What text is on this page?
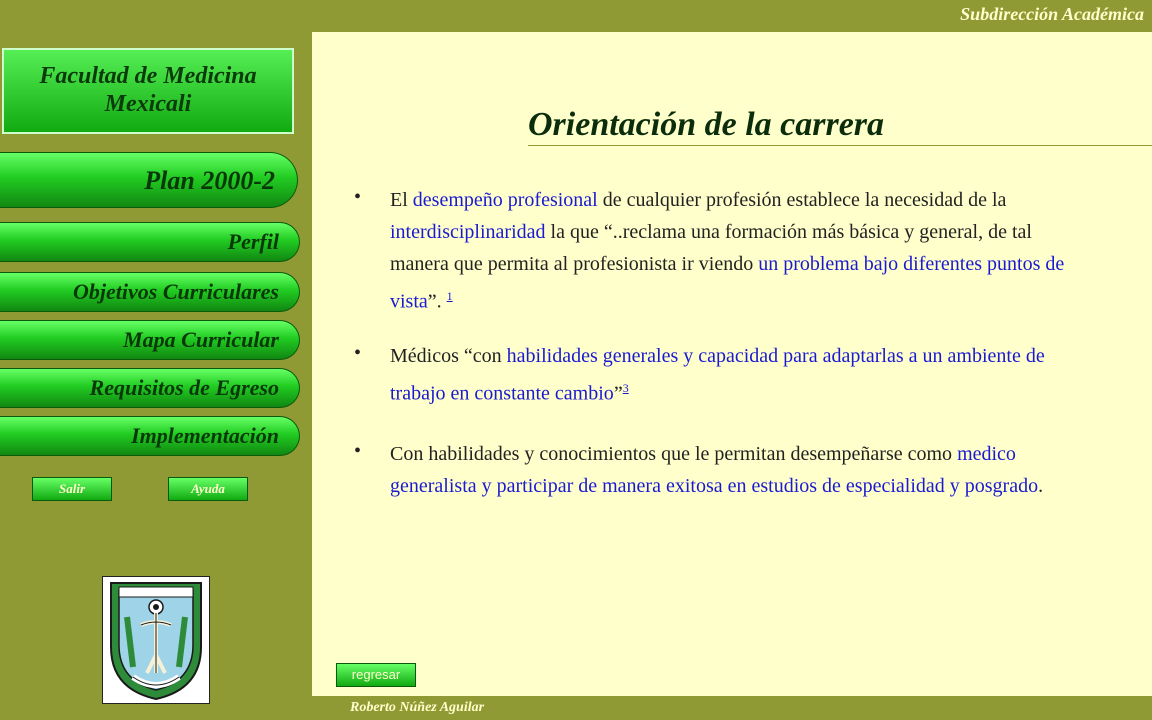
Subdirección Académica
Roberto Núñez Aguilar
Facultad de Medicina
Mexicali
Plan 2000-2
Perfil
Objetivos Curriculares
Mapa Curricular
Requisitos de Egreso
Implementación
Salir	Ayuda
Orientación de la carrera
• El desempeño profesional de cualquier profesión establece la necesidad de la interdisciplinaridad la que “..reclama una formación más básica y general, de tal manera que permita al profesionista ir viendo un problema bajo diferentes puntos de vista”. $^1$
• Médicos “con habilidades generales y capacidad para adaptarlas a un ambiente de trabajo en constante cambio”$^3$
• Con habilidades y conocimientos que le permitan desempeñarse como medico generalista y participar de manera exitosa en estudios de especialidad y posgrado.
regresar
